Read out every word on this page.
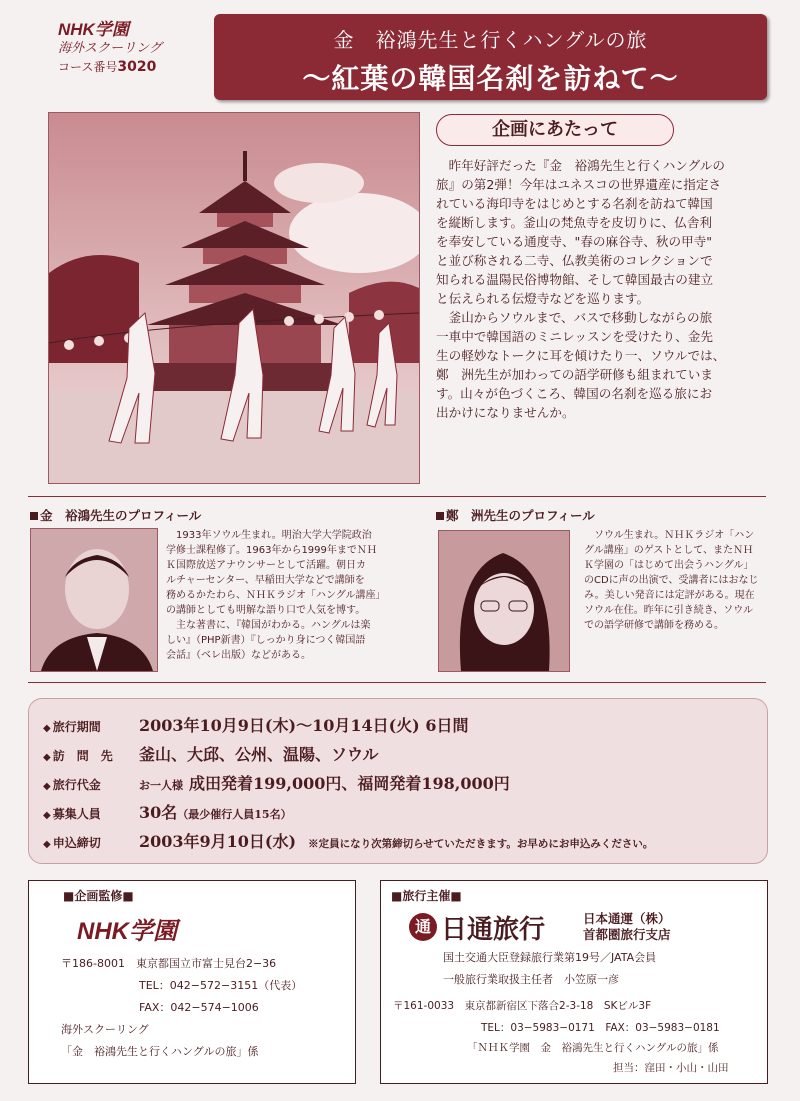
NHK学園
海外スクーリング
コース番号3020
金　裕鴻先生と行くハングルの旅
〜紅葉の韓国名刹を訪ねて〜
企画にあたって

昨年好評だった『金　裕鴻先生と行くハングルの

旅』の第2弾！今年はユネスコの世界遺産に指定さ

れている海印寺をはじめとする名刹を訪ねて韓国

を縦断します。釜山の梵魚寺を皮切りに、仏舎利

を奉安している通度寺、"春の麻谷寺、秋の甲寺"

と並び称される二寺、仏教美術のコレクションで

知られる温陽民俗博物館、そして韓国最古の建立

と伝えられる伝燈寺などを巡ります。

釜山からソウルまで、バスで移動しながらの旅

一車中で韓国語のミニレッスンを受けたり、金先

生の軽妙なトークに耳を傾けたり一、ソウルでは、

鄭　洲先生が加わっての語学研修も組まれていま

す。山々が色づくころ、韓国の名刹を巡る旅にお

出かけになりませんか。

金　裕鴻先生のプロフィール

1933年ソウル生まれ。明治大学大学院政治

学修士課程修了。1963年から1999年までＮＨ

Ｋ国際放送アナウンサーとして活躍。朝日カ

ルチャーセンター、早稲田大学などで講師を

務めるかたわら、ＮＨＫラジオ「ハングル講座」

の講師としても明解な語り口で人気を博す。

主な著書に、『韓国がわかる。ハングルは楽

しい』（PHP新書）『しっかり身につく韓国語

会話』（ベレ出版）などがある。

鄭　洲先生のプロフィール

ソウル生まれ。ＮＨＫラジオ「ハン

グル講座」のゲストとして、またＮＨ

Ｋ学園の「はじめて出会うハングル」

のCDに声の出演で、受講者にはおなじ

み。美しい発音には定評がある。現在

ソウル在住。昨年に引き続き、ソウル

での語学研修で講師を務める。

◆ 旅行期間	2003年10月9日(木)〜10月14日(火) 6日間
◆ 訪　問　先	釜山、大邱、公州、温陽、ソウル
◆ 旅行代金	お一人様 成田発着199,000円、福岡発着198,000円
◆ 募集人員	30名 （最少催行人員15名）
◆ 申込締切	2003年9月10日(水) ※定員になり次第締切らせていただきます。お早めにお申込みください。
■企画監修■
NHK学園
〒186-8001　 東京都国立市富士見台2−36
TEL：042−572−3151（代表）
FAX：042−574−1006
海外スクーリング
「金　裕鴻先生と行くハングルの旅」係
■旅行主催■
通 日通旅行	日本通運（株）
首都圏旅行支店
国土交通大臣登録旅行業第19号／JATA会員
一般旅行業取扱主任者　小笠原一彦
〒161-0033　 東京都新宿区下落合2-3-18　SKビル3F
TEL：03−5983−0171　 FAX：03−5983−0181
「ＮＨＫ学園　金　裕鴻先生と行くハングルの旅」係
担当：窪田・小山・山田
